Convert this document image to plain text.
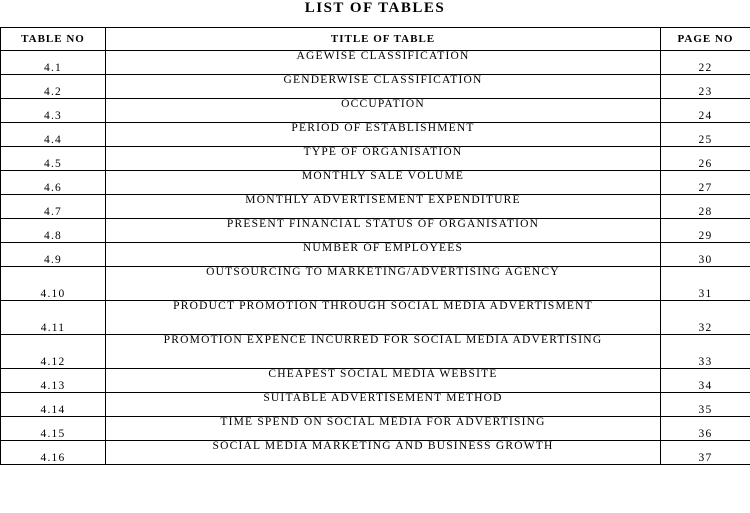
LIST OF TABLES
TABLE NO	TITLE OF TABLE	PAGE NO
4.1	AGEWISE CLASSIFICATION	22
4.2	GENDERWISE CLASSIFICATION	23
4.3	OCCUPATION	24
4.4	PERIOD OF ESTABLISHMENT	25
4.5	TYPE OF ORGANISATION	26
4.6	MONTHLY SALE VOLUME	27
4.7	MONTHLY ADVERTISEMENT EXPENDITURE	28
4.8	PRESENT FINANCIAL STATUS OF ORGANISATION	29
4.9	NUMBER OF EMPLOYEES	30
4.10	OUTSOURCING TO MARKETING/ADVERTISING AGENCY	31
4.11	PRODUCT PROMOTION THROUGH SOCIAL MEDIA ADVERTISMENT	32
4.12	PROMOTION EXPENCE INCURRED FOR SOCIAL MEDIA ADVERTISING	33
4.13	CHEAPEST SOCIAL MEDIA WEBSITE	34
4.14	SUITABLE ADVERTISEMENT METHOD	35
4.15	TIME SPEND ON SOCIAL MEDIA FOR ADVERTISING	36
4.16	SOCIAL MEDIA MARKETING AND BUSINESS GROWTH	37
